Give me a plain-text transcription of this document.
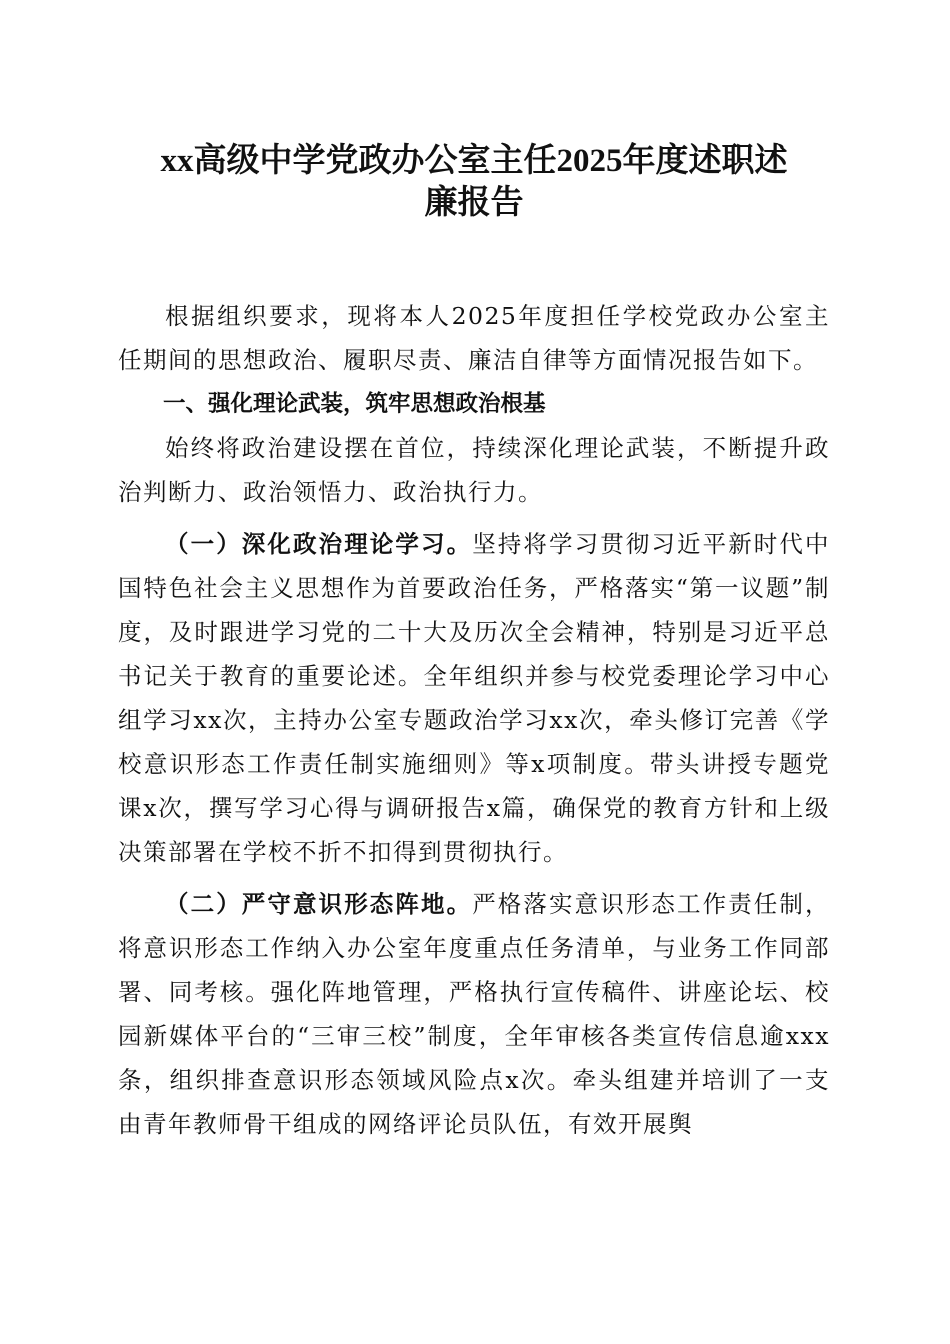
xx高级中学党政办公室主任2025年度述职述
廉报告

根据组织要求，现将本人2025年度担任学校党政办公室主任期间的思想政治、履职尽责、廉洁自律等方面情况报告如下。

一、强化理论武装，筑牢思想政治根基

始终将政治建设摆在首位，持续深化理论武装，不断提升政治判断力、政治领悟力、政治执行力。

（一）深化政治理论学习。坚持将学习贯彻习近平新时代中国特色社会主义思想作为首要政治任务，严格落实“第一议题”制度，及时跟进学习党的二十大及历次全会精神，特别是习近平总书记关于教育的重要论述。全年组织并参与校党委理论学习中心组学习xx次，主持办公室专题政治学习xx次，牵头修订完善《学校意识形态工作责任制实施细则》等x项制度。带头讲授专题党课x次，撰写学习心得与调研报告x篇，确保党的教育方针和上级决策部署在学校不折不扣得到贯彻执行。

（二）严守意识形态阵地。严格落实意识形态工作责任制，将意识形态工作纳入办公室年度重点任务清单，与业务工作同部署、同考核。强化阵地管理，严格执行宣传稿件、讲座论坛、校园新媒体平台的“三审三校”制度，全年审核各类宣传信息逾xxx条，组织排查意识形态领域风险点x次。牵头组建并培训了一支由青年教师骨干组成的网络评论员队伍，有效开展舆
